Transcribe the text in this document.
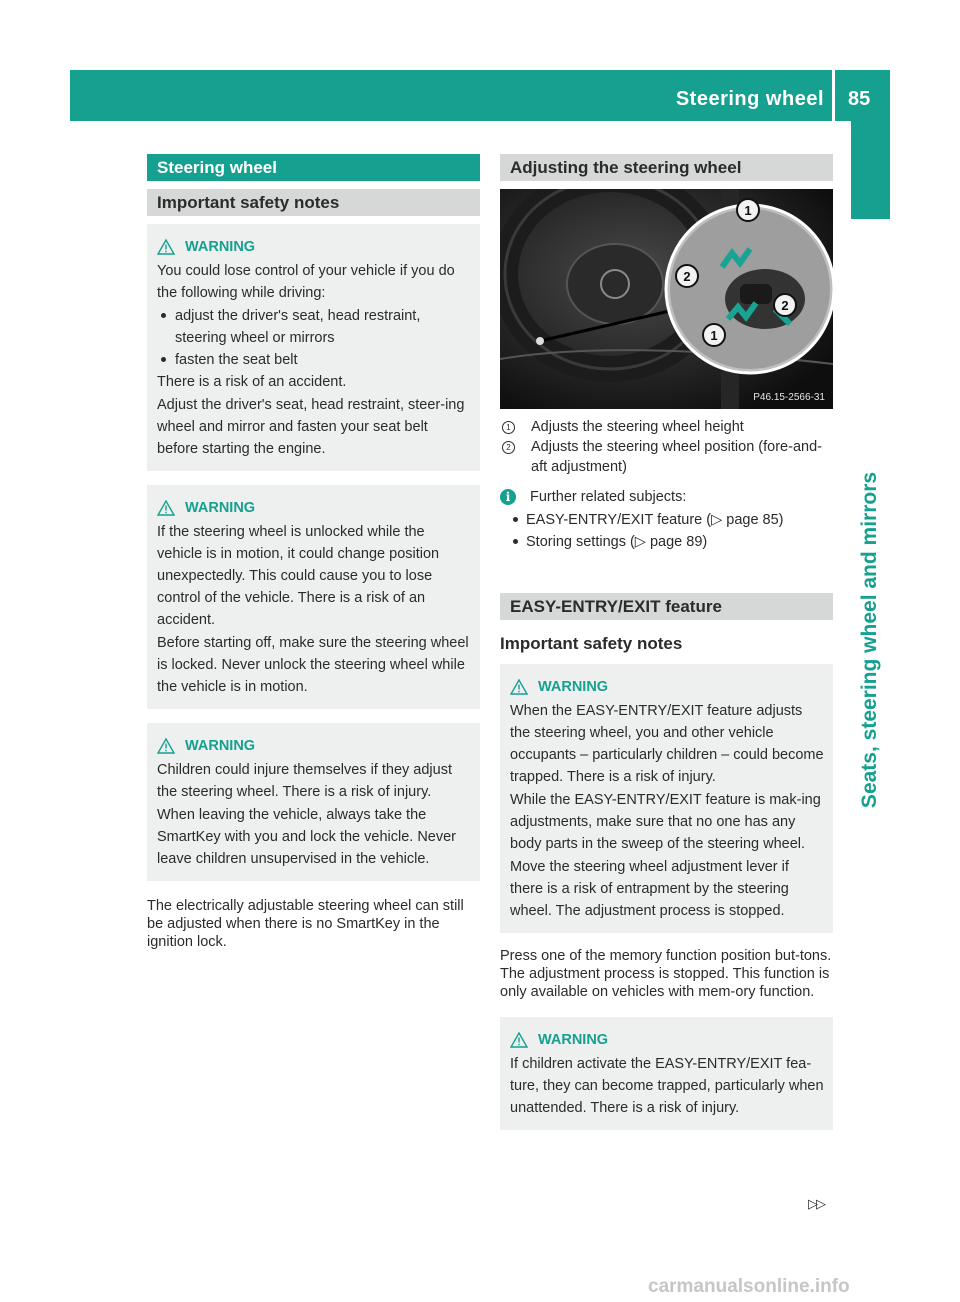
Steering wheel 85
Seats, steering wheel and mirrors
Steering wheel
Important safety notes
WARNING

You could lose control of your vehicle if you do the following while driving:

adjust the driver's seat, head restraint, steering wheel or mirrors
fasten the seat belt

There is a risk of an accident.

Adjust the driver's seat, head restraint, steer-ing wheel and mirror and fasten your seat belt before starting the engine.

WARNING

If the steering wheel is unlocked while the vehicle is in motion, it could change position unexpectedly. This could cause you to lose control of the vehicle. There is a risk of an accident.

Before starting off, make sure the steering wheel is locked. Never unlock the steering wheel while the vehicle is in motion.

WARNING

Children could injure themselves if they adjust the steering wheel. There is a risk of injury.

When leaving the vehicle, always take the SmartKey with you and lock the vehicle. Never leave children unsupervised in the vehicle.

The electrically adjustable steering wheel can still be adjusted when there is no SmartKey in the ignition lock.

Adjusting the steering wheel
1
2
2
1
P46.15-2566-31
1 Adjusts the steering wheel height
2 Adjusts the steering wheel position (fore-and-aft adjustment)
i	Further related subjects:
EASY-ENTRY/EXIT feature (▷ page 85)
Storing settings (▷ page 89)
EASY-ENTRY/EXIT feature
Important safety notes
WARNING

When the EASY-ENTRY/EXIT feature adjusts the steering wheel, you and other vehicle occupants – particularly children – could become trapped. There is a risk of injury.

While the EASY-ENTRY/EXIT feature is mak-ing adjustments, make sure that no one has any body parts in the sweep of the steering wheel.

Move the steering wheel adjustment lever if there is a risk of entrapment by the steering wheel. The adjustment process is stopped.

Press one of the memory function position but-tons. The adjustment process is stopped. This function is only available on vehicles with mem-ory function.

WARNING

If children activate the EASY-ENTRY/EXIT fea-ture, they can become trapped, particularly when unattended. There is a risk of injury.

▷▷
carmanualsonline.info
